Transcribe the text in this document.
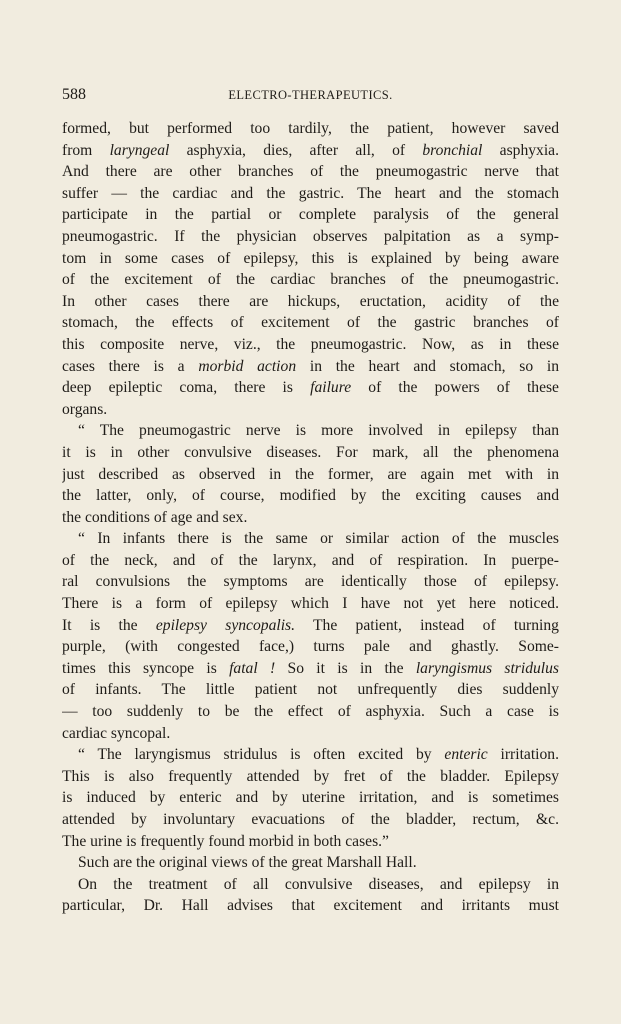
588	ELECTRO-THERAPEUTICS.
formed, but performed too tardily, the patient, however saved
from laryngeal asphyxia, dies, after all, of bronchial asphyxia.
And there are other branches of the pneumogastric nerve that
suffer — the cardiac and the gastric. The heart and the stomach
participate in the partial or complete paralysis of the general
pneumogastric. If the physician observes palpitation as a symp-
tom in some cases of epilepsy, this is explained by being aware
of the excitement of the cardiac branches of the pneumogastric.
In other cases there are hickups, eructation, acidity of the
stomach, the effects of excitement of the gastric branches of
this composite nerve, viz., the pneumogastric. Now, as in these
cases there is a morbid action in the heart and stomach, so in
deep epileptic coma, there is failure of the powers of these
organs.
“ The pneumogastric nerve is more involved in epilepsy than
it is in other convulsive diseases. For mark, all the phenomena
just described as observed in the former, are again met with in
the latter, only, of course, modified by the exciting causes and
the conditions of age and sex.
“ In infants there is the same or similar action of the muscles
of the neck, and of the larynx, and of respiration. In puerpe-
ral convulsions the symptoms are identically those of epilepsy.
There is a form of epilepsy which I have not yet here noticed.
It is the epilepsy syncopalis. The patient, instead of turning
purple, (with congested face,) turns pale and ghastly. Some-
times this syncope is fatal ! So it is in the laryngismus stridulus
of infants. The little patient not unfrequently dies suddenly
— too suddenly to be the effect of asphyxia. Such a case is
cardiac syncopal.
“ The laryngismus stridulus is often excited by enteric irritation.
This is also frequently attended by fret of the bladder. Epilepsy
is induced by enteric and by uterine irritation, and is sometimes
attended by involuntary evacuations of the bladder, rectum, &c.
The urine is frequently found morbid in both cases.”
Such are the original views of the great Marshall Hall.
On the treatment of all convulsive diseases, and epilepsy in
particular, Dr. Hall advises that excitement and irritants must
